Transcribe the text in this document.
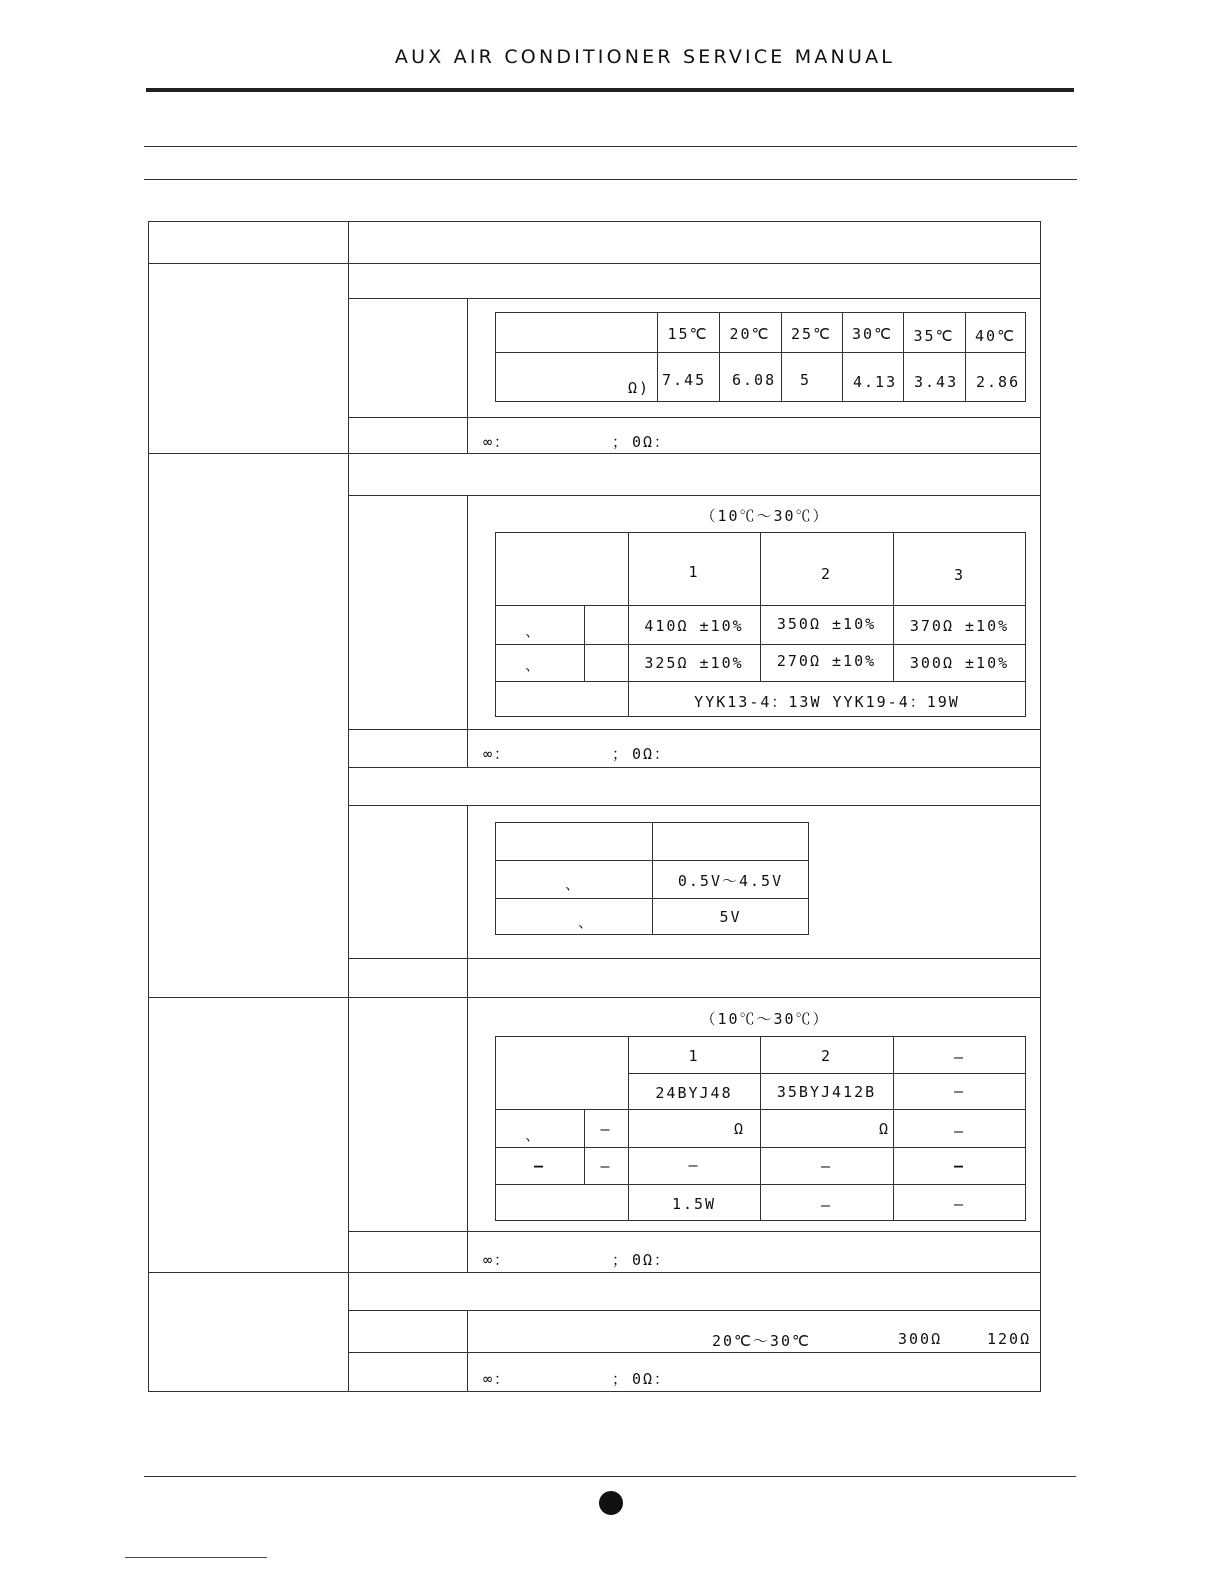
AUX AIR CONDITIONER SERVICE MANUAL
15℃	20℃	25℃	30℃	35℃	40℃
Ω) 7.45 6.08 5	4.13 3.43 2.86
∞：	； 0Ω：
（10℃～30℃）
1	2	3
、
、
410Ω ±10%	350Ω ±10%	370Ω ±10%
325Ω ±10%	270Ω ±10%	300Ω ±10%
YYK13-4：13W YYK19-4：19W
∞：	； 0Ω：
、	0.5V～4.5V
、	5V
（10℃～30℃）
1	2	–
24BYJ48	35BYJ412B	–
、	–	Ω	Ω	–
–	–	–	–	–
1.5W	–	–
∞：	； 0Ω：
20℃～30℃	300Ω	120Ω
∞：	； 0Ω：
